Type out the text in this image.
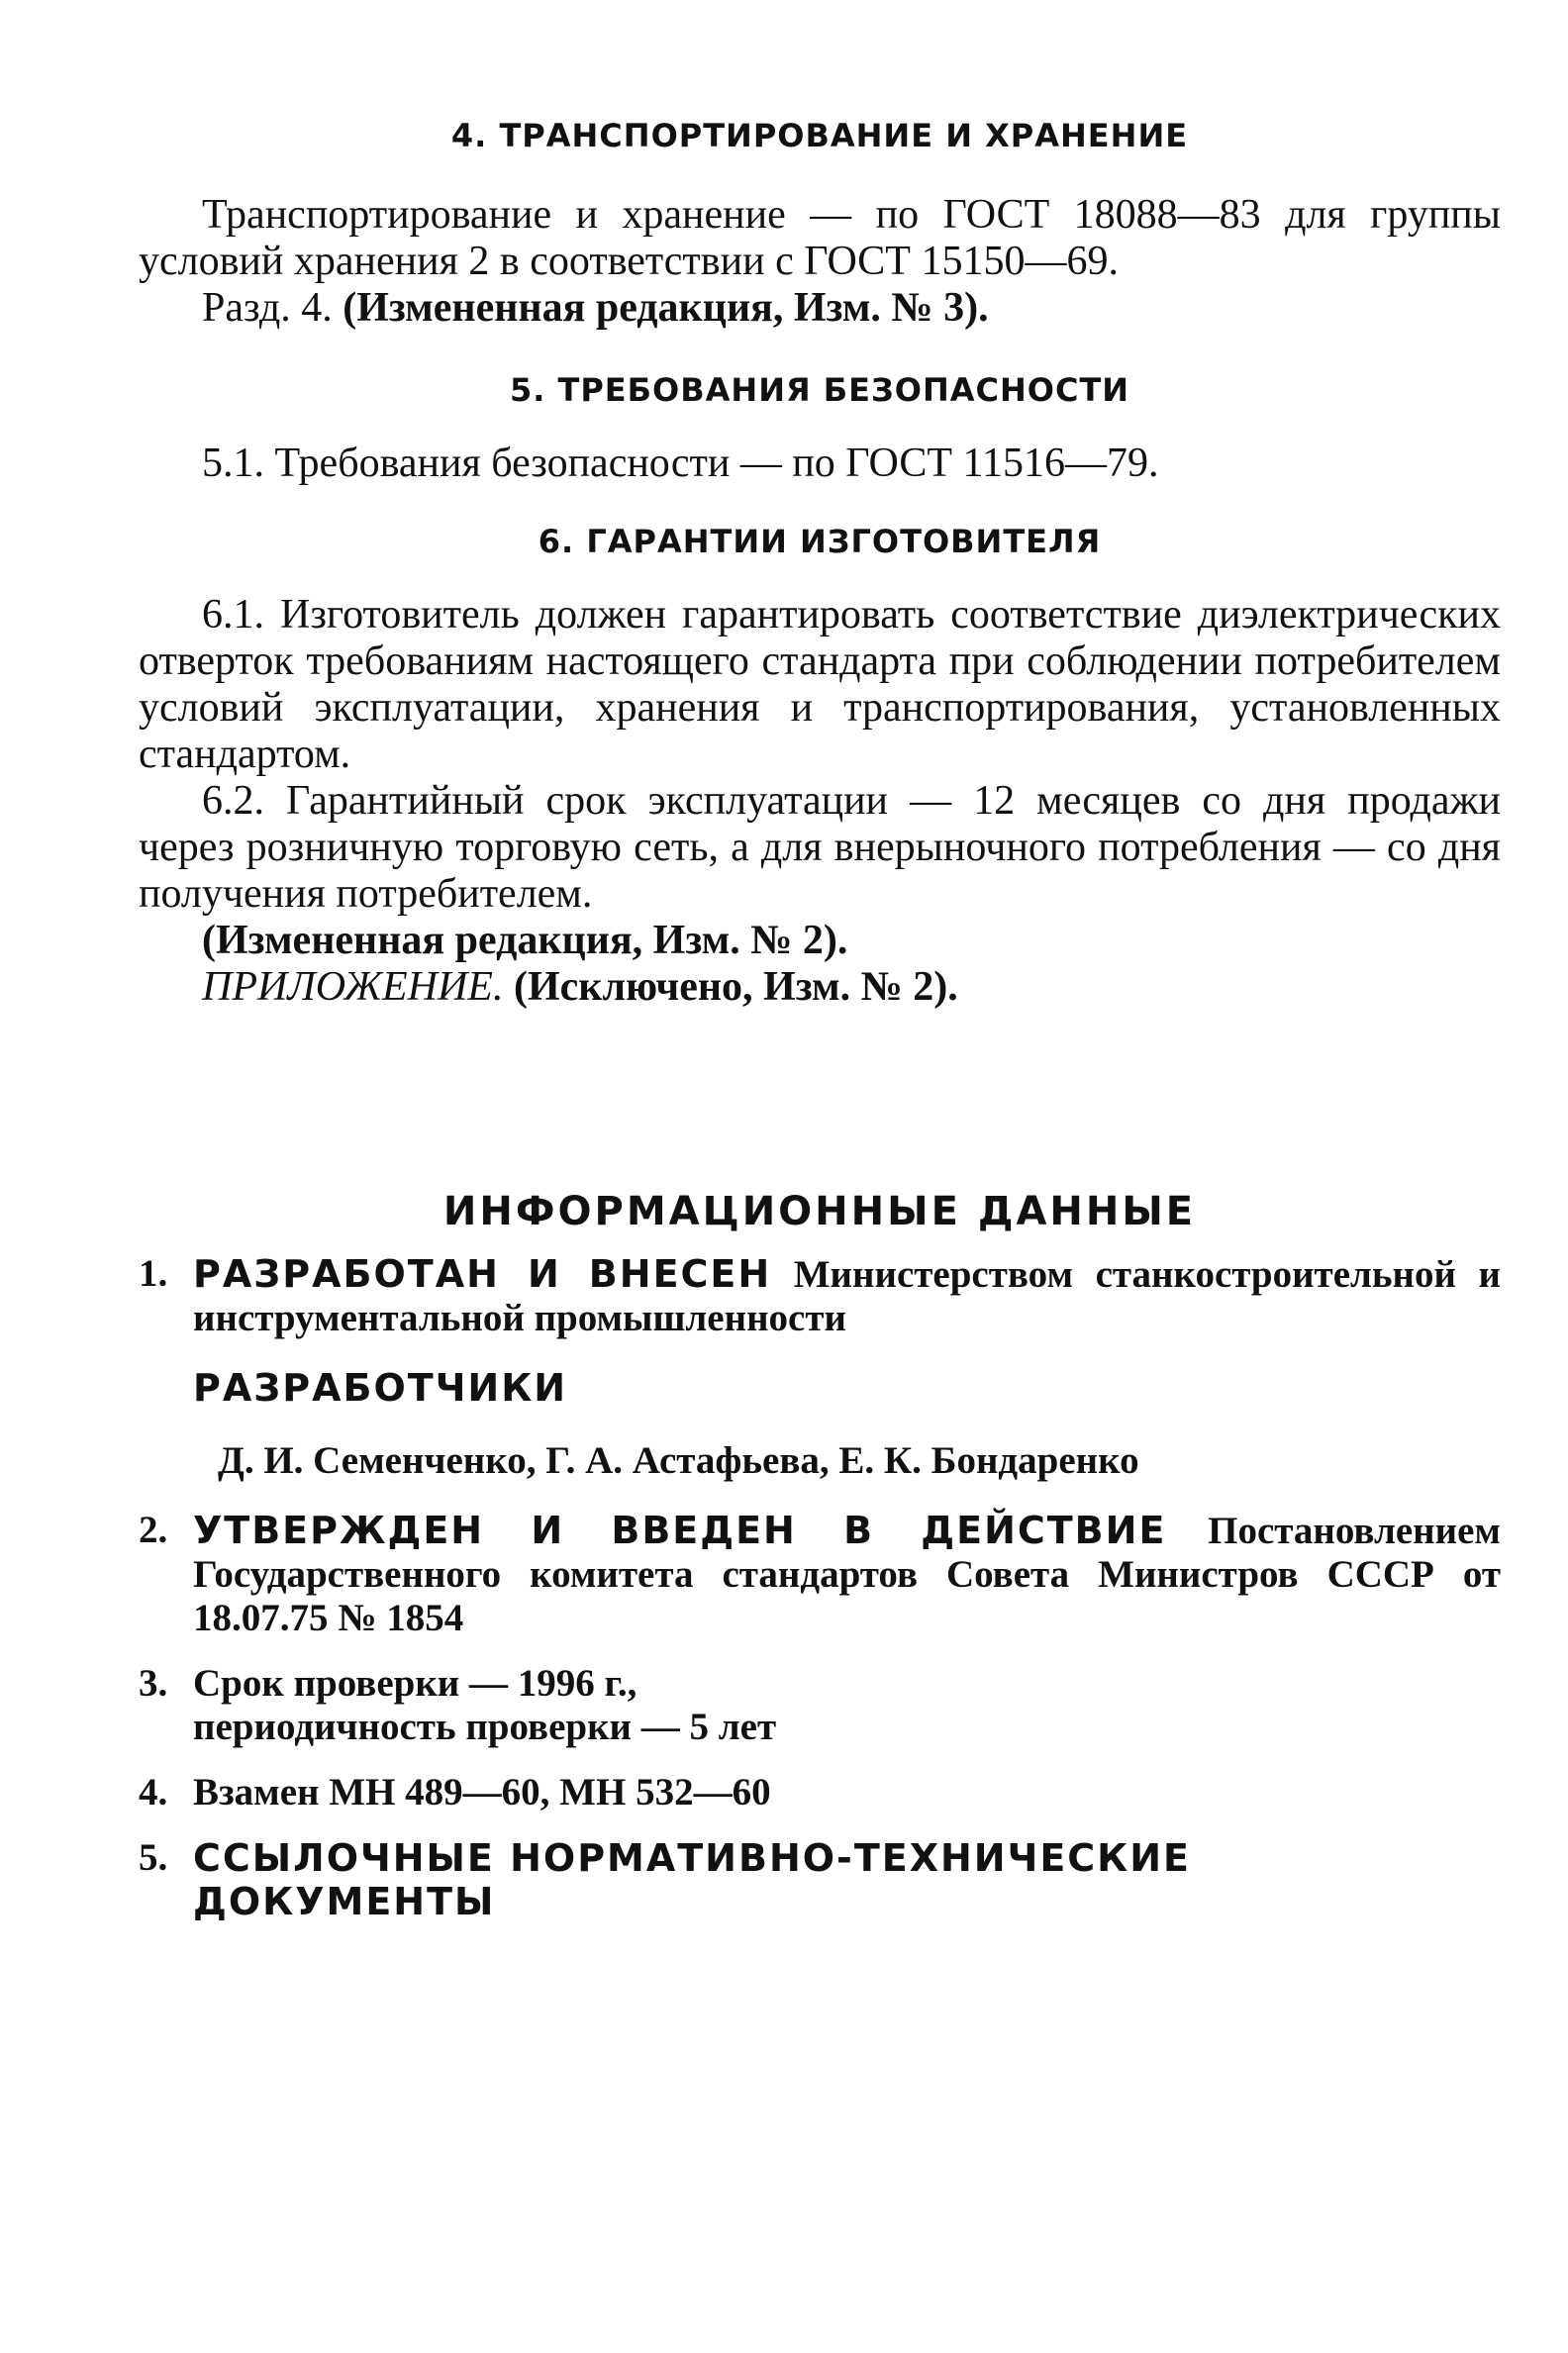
4. ТРАНСПОРТИРОВАНИЕ И ХРАНЕНИЕ

Транспортирование и хранение — по ГОСТ 18088—83 для группы условий хранения 2 в соответствии с ГОСТ 15150—69.

Разд. 4. (Измененная редакция, Изм. № 3).

5. ТРЕБОВАНИЯ БЕЗОПАСНОСТИ

5.1. Требования безопасности — по ГОСТ 11516—79.

6. ГАРАНТИИ ИЗГОТОВИТЕЛЯ

6.1. Изготовитель должен гарантировать соответствие диэлектрических отверток требованиям настоящего стандарта при соблюдении потребителем условий эксплуатации, хранения и транспортирования, установленных стандартом.

6.2. Гарантийный срок эксплуатации — 12 месяцев со дня продажи через розничную торговую сеть, а для внерыночного потребления — со дня получения потребителем.

(Измененная редакция, Изм. № 2).

ПРИЛОЖЕНИЕ. (Исключено, Изм. № 2).

ИНФОРМАЦИОННЫЕ ДАННЫЕ
1. РАЗРАБОТАН И ВНЕСЕН Министерством станкостроительной и инструментальной промышленности
РАЗРАБОТЧИКИ
Д. И. Семенченко, Г. А. Астафьева, Е. К. Бондаренко
2. УТВЕРЖДЕН И ВВЕДЕН В ДЕЙСТВИЕ Постановлением Государственного комитета стандартов Совета Министров СССР от 18.07.75 № 1854
3. Срок проверки — 1996 г.,
периодичность проверки — 5 лет
4. Взамен МН 489—60, МН 532—60
5. ССЫЛОЧНЫЕ НОРМАТИВНО-ТЕХНИЧЕСКИЕ ДОКУМЕНТЫ
